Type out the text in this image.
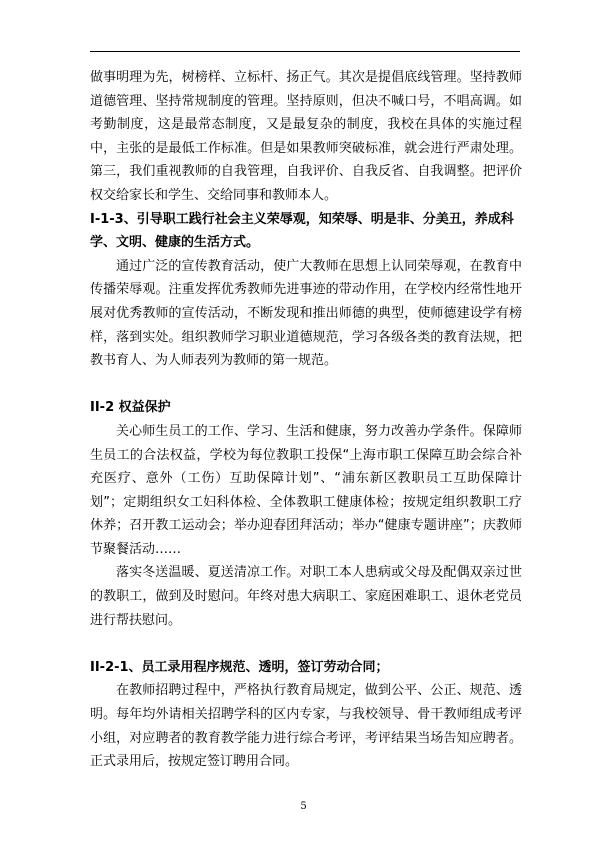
做事明理为先，树榜样、立标杆、扬正气。其次是提倡底线管理。坚持教师道德管理、坚持常规制度的管理。坚持原则，但决不喊口号，不唱高调。如考勤制度，这是最常态制度，又是最复杂的制度，我校在具体的实施过程中，主张的是最低工作标准。但是如果教师突破标准，就会进行严肃处理。第三，我们重视教师的自我管理，自我评价、自我反省、自我调整。把评价权交给家长和学生、交给同事和教师本人。

I-1-3、引导职工践行社会主义荣辱观，知荣辱、明是非、分美丑，养成科学、文明、健康的生活方式。

通过广泛的宣传教育活动，使广大教师在思想上认同荣辱观，在教育中传播荣辱观。注重发挥优秀教师先进事迹的带动作用，在学校内经常性地开展对优秀教师的宣传活动，不断发现和推出师德的典型，使师德建设学有榜样，落到实处。组织教师学习职业道德规范，学习各级各类的教育法规，把教书育人、为人师表列为教师的第一规范。

II-2 权益保护

关心师生员工的工作、学习、生活和健康，努力改善办学条件。保障师生员工的合法权益，学校为每位教职工投保“上海市职工保障互助会综合补充医疗、意外（工伤）互助保障计划”、“浦东新区教职员工互助保障计划”；定期组织女工妇科体检、全体教职工健康体检；按规定组织教职工疗休养；召开教工运动会；举办迎春团拜活动；举办“健康专题讲座”；庆教师节聚餐活动……

落实冬送温暖、夏送清凉工作。对职工本人患病或父母及配偶双亲过世的教职工，做到及时慰问。年终对患大病职工、家庭困难职工、退休老党员进行帮扶慰问。

II-2-1、员工录用程序规范、透明，签订劳动合同；

在教师招聘过程中，严格执行教育局规定，做到公平、公正、规范、透明。每年均外请相关招聘学科的区内专家，与我校领导、骨干教师组成考评小组，对应聘者的教育教学能力进行综合考评，考评结果当场告知应聘者。正式录用后，按规定签订聘用合同。

5
